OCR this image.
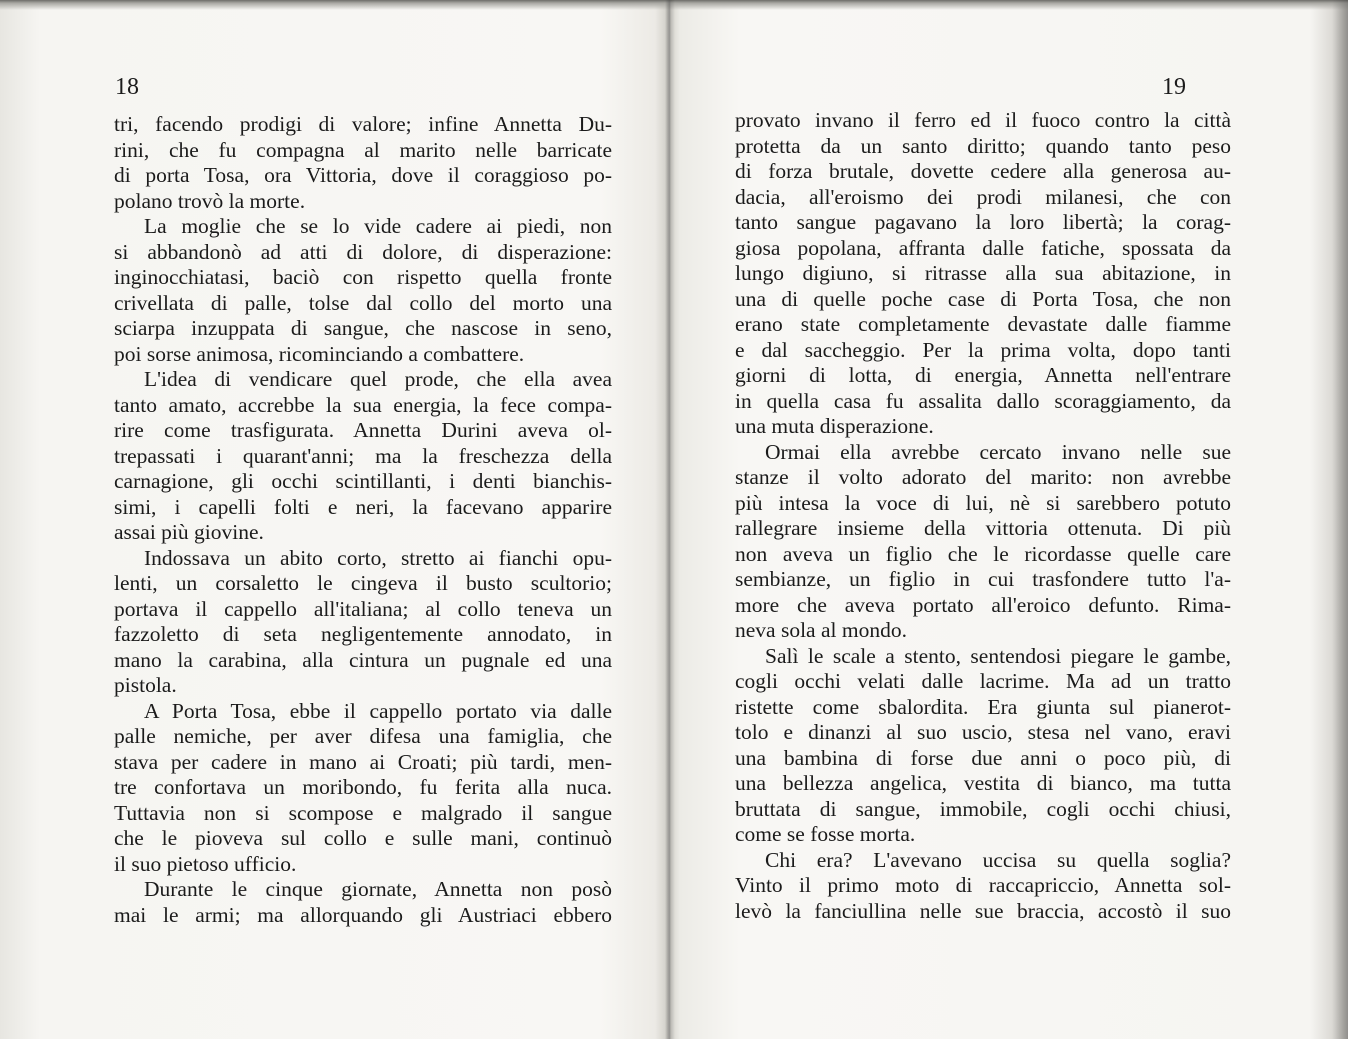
18
tri, facendo prodigi di valore; infine Annetta Du-
rini, che fu compagna al marito nelle barricate
di porta Tosa, ora Vittoria, dove il coraggioso po-
polano trovò la morte.
La moglie che se lo vide cadere ai piedi, non
si abbandonò ad atti di dolore, di disperazione:
inginocchiatasi, baciò con rispetto quella fronte
crivellata di palle, tolse dal collo del morto una
sciarpa inzuppata di sangue, che nascose in seno,
poi sorse animosa, ricominciando a combattere.
L'idea di vendicare quel prode, che ella avea
tanto amato, accrebbe la sua energia, la fece compa-
rire come trasfigurata. Annetta Durini aveva ol-
trepassati i quarant'anni; ma la freschezza della
carnagione, gli occhi scintillanti, i denti bianchis-
simi, i capelli folti e neri, la facevano apparire
assai più giovine.
Indossava un abito corto, stretto ai fianchi opu-
lenti, un corsaletto le cingeva il busto scultorio;
portava il cappello all'italiana; al collo teneva un
fazzoletto di seta negligentemente annodato, in
mano la carabina, alla cintura un pugnale ed una
pistola.
A Porta Tosa, ebbe il cappello portato via dalle
palle nemiche, per aver difesa una famiglia, che
stava per cadere in mano ai Croati; più tardi, men-
tre confortava un moribondo, fu ferita alla nuca.
Tuttavia non si scompose e malgrado il sangue
che le pioveva sul collo e sulle mani, continuò
il suo pietoso ufficio.
Durante le cinque giornate, Annetta non posò
mai le armi; ma allorquando gli Austriaci ebbero
19
provato invano il ferro ed il fuoco contro la città
protetta da un santo diritto; quando tanto peso
di forza brutale, dovette cedere alla generosa au-
dacia, all'eroismo dei prodi milanesi, che con
tanto sangue pagavano la loro libertà; la corag-
giosa popolana, affranta dalle fatiche, spossata da
lungo digiuno, si ritrasse alla sua abitazione, in
una di quelle poche case di Porta Tosa, che non
erano state completamente devastate dalle fiamme
e dal saccheggio. Per la prima volta, dopo tanti
giorni di lotta, di energia, Annetta nell'entrare
in quella casa fu assalita dallo scoraggiamento, da
una muta disperazione.
Ormai ella avrebbe cercato invano nelle sue
stanze il volto adorato del marito: non avrebbe
più intesa la voce di lui, nè si sarebbero potuto
rallegrare insieme della vittoria ottenuta. Di più
non aveva un figlio che le ricordasse quelle care
sembianze, un figlio in cui trasfondere tutto l'a-
more che aveva portato all'eroico defunto. Rima-
neva sola al mondo.
Salì le scale a stento, sentendosi piegare le gambe,
cogli occhi velati dalle lacrime. Ma ad un tratto
ristette come sbalordita. Era giunta sul pianerot-
tolo e dinanzi al suo uscio, stesa nel vano, eravi
una bambina di forse due anni o poco più, di
una bellezza angelica, vestita di bianco, ma tutta
bruttata di sangue, immobile, cogli occhi chiusi,
come se fosse morta.
Chi era? L'avevano uccisa su quella soglia?
Vinto il primo moto di raccapriccio, Annetta sol-
levò la fanciullina nelle sue braccia, accostò il suo
